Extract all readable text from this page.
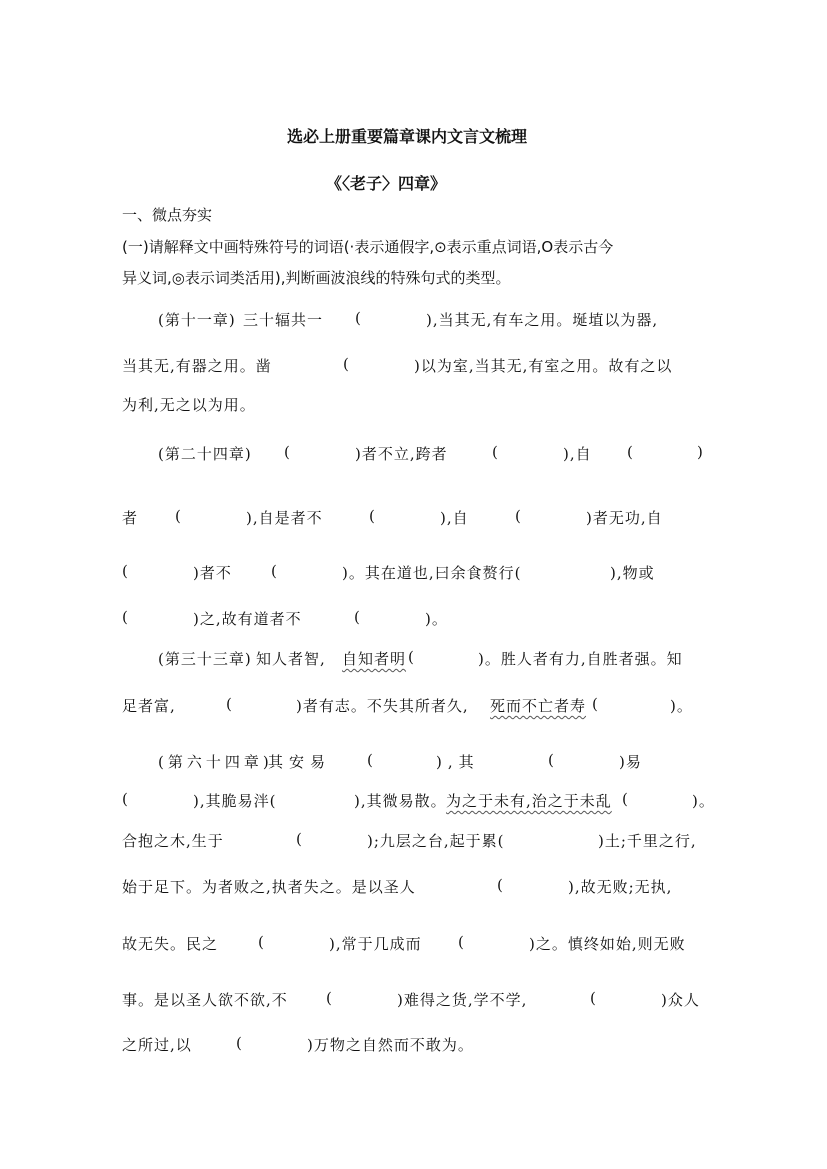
选必上册重要篇章课内文言文梳理
《〈老子〉四章》
一、微点夯实
(一)请解释文中画特殊符号的词语(·表示通假字,⊙表示重点词语,O表示古今
异义词,◎表示词类活用),判断画波浪线的特殊句式的类型。
(第十一章) 三十辐共一 (	),当其无,有车之用。埏埴以为器,
当其无,有器之用。凿	(	)以为室,当其无,有室之用。故有之以
为利,无之以为用。
(第二十四章) (	)者不立,跨者	(	),自 (	)
者 (	),自是者不	(	),自	(	)者无功,自
(	)者不	(	)。其在道也,曰余食赘行(	),物或
(	)之,故有道者不	(	)。
(第三十三章) 知人者智, 自知者明 (	)。胜人者有力,自胜者强。知
足者富,	(	)者有志。不失其所者久, 死而不亡者寿 (	)。
(第六十四章)
其安易 (	),其	(	)易
(	),其脆易泮(	),其微易散。 为之于未有,治之于未乱 (	)。
合抱之木,生于	(	);九层之台,起于累(	)土;千里之行,
始于足下。为者败之,执者失之。是以圣人	(	),故无败;无执,
故无失。民之	(	),常于几成而 (	)之。慎终如始,则无败
事。是以圣人欲不欲,不	(	)难得之货,学不学,	(	)众人
之所过,以	(	)万物之自然而不敢为。
